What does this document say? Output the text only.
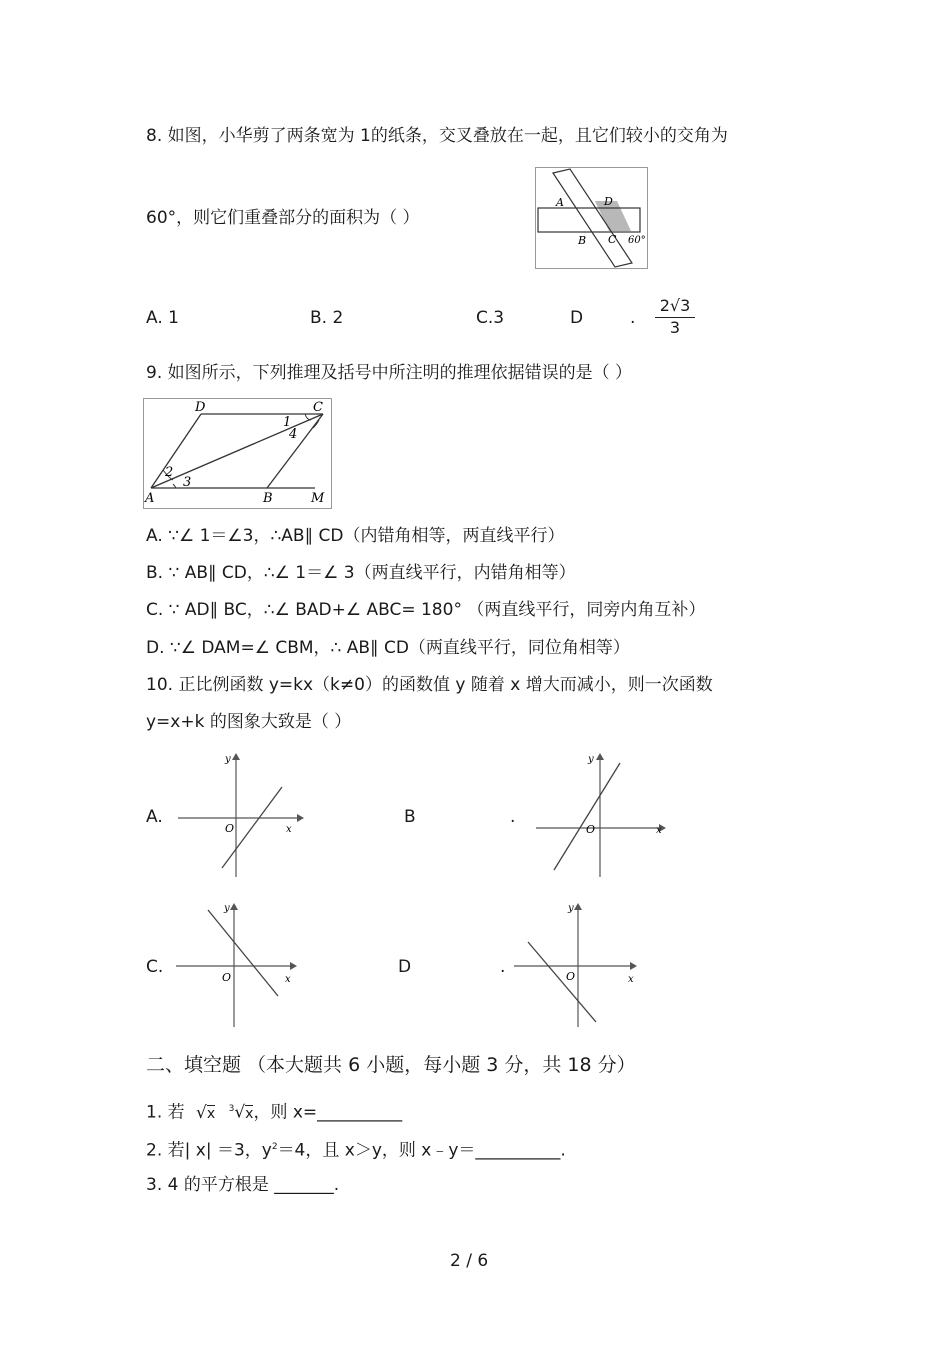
8. 如图，小华剪了两条宽为 1的纸条，交叉叠放在一起，且它们较小的交角为
60°，则它们重叠部分的面积为（ ）
A	D
B C 60°
A. 1	B. 2	C.3	D	. $\frac{2√3}{3}$
9. 如图所示，下列推理及括号中所注明的推理依据错误的是（ ）
D	C
A	B	M
1
2
3
4
A. ∵∠ 1＝∠3，∴AB∥ CD（内错角相等，两直线平行）
B. ∵ AB∥ CD，∴∠ 1＝∠ 3（两直线平行，内错角相等）
C. ∵ AD∥ BC，∴∠ BAD+∠ ABC= 180° （两直线平行，同旁内角互补）
D. ∵∠ DAM=∠ CBM，∴ AB∥ CD（两直线平行，同位角相等）
10. 正比例函数 y=kx（k≠0）的函数值 y 随着 x 增大而减小，则一次函数
y=x+k 的图象大致是（ ）
A.
y
x
O
B	.
y
x
O
C.
y
x
O
D	.
y
x
O
二、填空题 （本大题共 6 小题，每小题 3 分，共 18 分）
1. 若 √x $^3$√x，则 x=__________
2. 若| x| ＝3，$y^2=4$，且 x＞y，则 x﹣y＝__________.
3. 4 的平方根是 _______.
2 / 6
